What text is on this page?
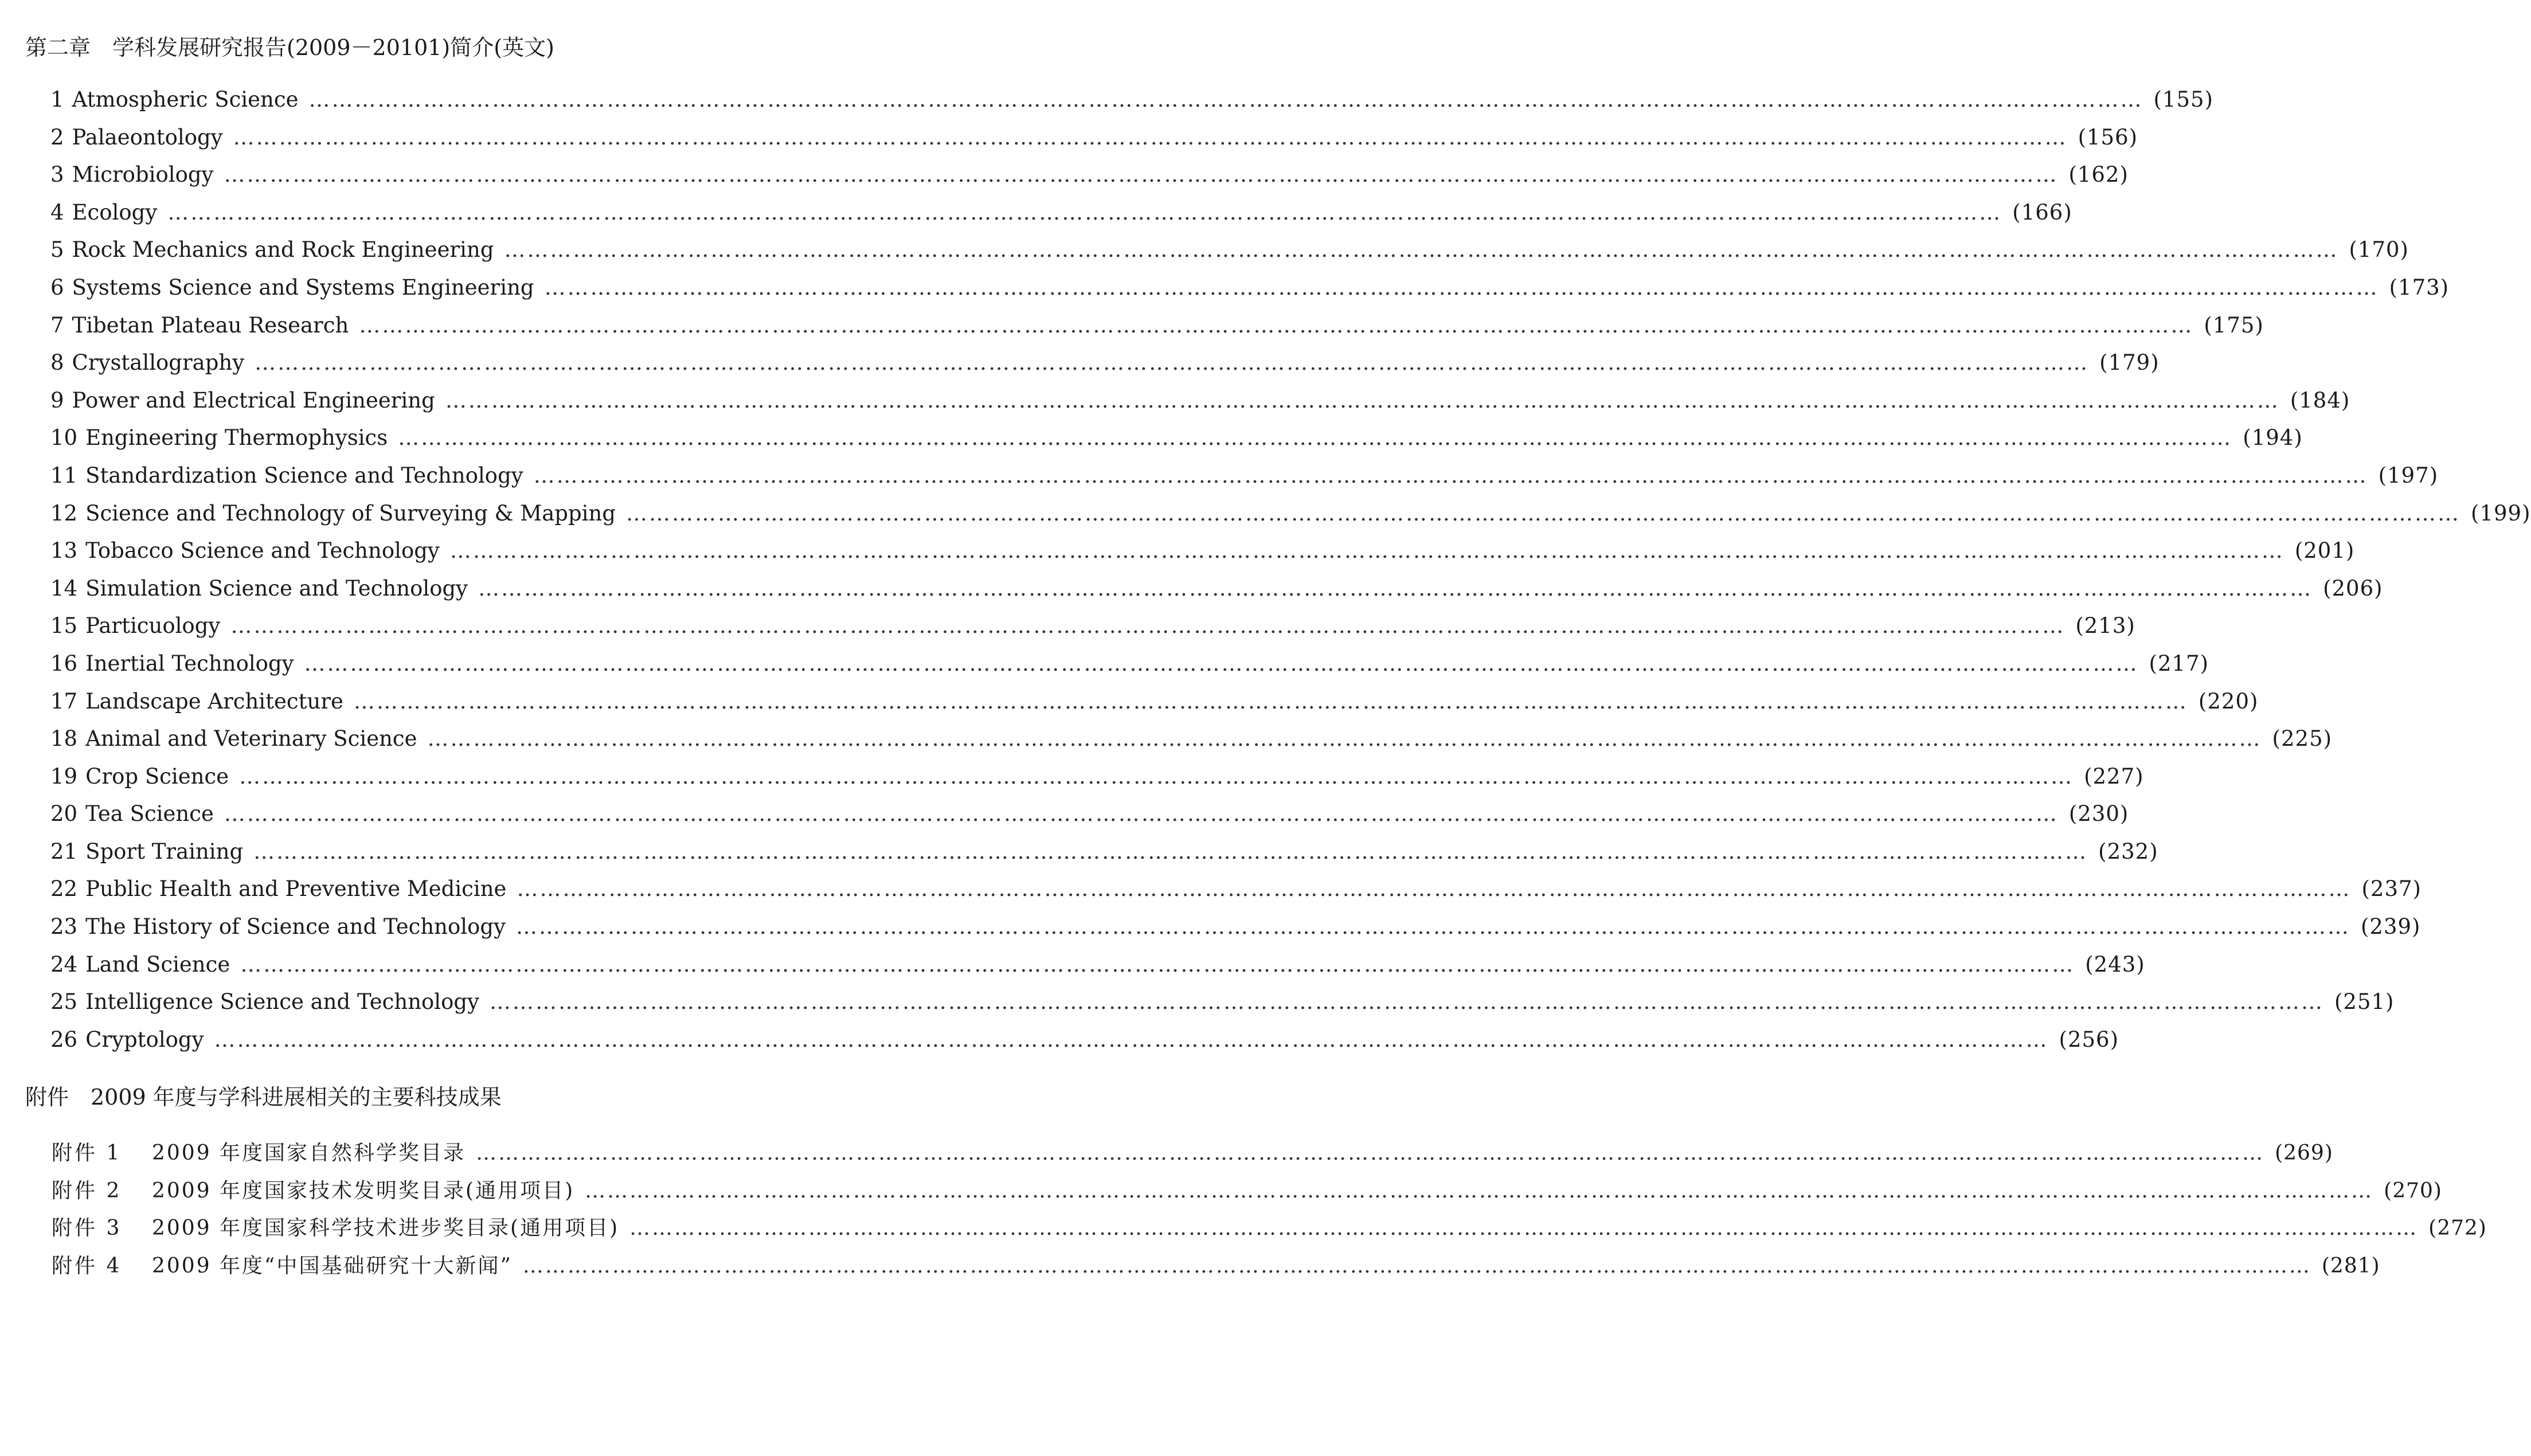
第二章　学科发展研究报告(2009－20101)简介(英文)
1 Atmospheric Science …………………………………………………………………………………………………………………………………………………………………………………………………………………… (155)
2 Palaeontology …………………………………………………………………………………………………………………………………………………………………………………………………………………… (156)
3 Microbiology …………………………………………………………………………………………………………………………………………………………………………………………………………………… (162)
4 Ecology …………………………………………………………………………………………………………………………………………………………………………………………………………………… (166)
5 Rock Mechanics and Rock Engineering …………………………………………………………………………………………………………………………………………………………………………………………………………………… (170)
6 Systems Science and Systems Engineering …………………………………………………………………………………………………………………………………………………………………………………………………………………… (173)
7 Tibetan Plateau Research …………………………………………………………………………………………………………………………………………………………………………………………………………………… (175)
8 Crystallography …………………………………………………………………………………………………………………………………………………………………………………………………………………… (179)
9 Power and Electrical Engineering …………………………………………………………………………………………………………………………………………………………………………………………………………………… (184)
10 Engineering Thermophysics …………………………………………………………………………………………………………………………………………………………………………………………………………………… (194)
11 Standardization Science and Technology …………………………………………………………………………………………………………………………………………………………………………………………………………………… (197)
12 Science and Technology of Surveying & Mapping …………………………………………………………………………………………………………………………………………………………………………………………………………………… (199)
13 Tobacco Science and Technology …………………………………………………………………………………………………………………………………………………………………………………………………………………… (201)
14 Simulation Science and Technology …………………………………………………………………………………………………………………………………………………………………………………………………………………… (206)
15 Particuology …………………………………………………………………………………………………………………………………………………………………………………………………………………… (213)
16 Inertial Technology …………………………………………………………………………………………………………………………………………………………………………………………………………………… (217)
17 Landscape Architecture …………………………………………………………………………………………………………………………………………………………………………………………………………………… (220)
18 Animal and Veterinary Science …………………………………………………………………………………………………………………………………………………………………………………………………………………… (225)
19 Crop Science …………………………………………………………………………………………………………………………………………………………………………………………………………………… (227)
20 Tea Science …………………………………………………………………………………………………………………………………………………………………………………………………………………… (230)
21 Sport Training …………………………………………………………………………………………………………………………………………………………………………………………………………………… (232)
22 Public Health and Preventive Medicine …………………………………………………………………………………………………………………………………………………………………………………………………………………… (237)
23 The History of Science and Technology …………………………………………………………………………………………………………………………………………………………………………………………………………………… (239)
24 Land Science …………………………………………………………………………………………………………………………………………………………………………………………………………………… (243)
25 Intelligence Science and Technology …………………………………………………………………………………………………………………………………………………………………………………………………………………… (251)
26 Cryptology …………………………………………………………………………………………………………………………………………………………………………………………………………………… (256)
附件　2009 年度与学科进展相关的主要科技成果
附件 1	2009 年度国家自然科学奖目录 …………………………………………………………………………………………………………………………………………………………………………………………………………………… (269)
附件 2	2009 年度国家技术发明奖目录(通用项目) …………………………………………………………………………………………………………………………………………………………………………………………………………………… (270)
附件 3	2009 年度国家科学技术进步奖目录(通用项目) …………………………………………………………………………………………………………………………………………………………………………………………………………………… (272)
附件 4	2009 年度“中国基础研究十大新闻” …………………………………………………………………………………………………………………………………………………………………………………………………………………… (281)
